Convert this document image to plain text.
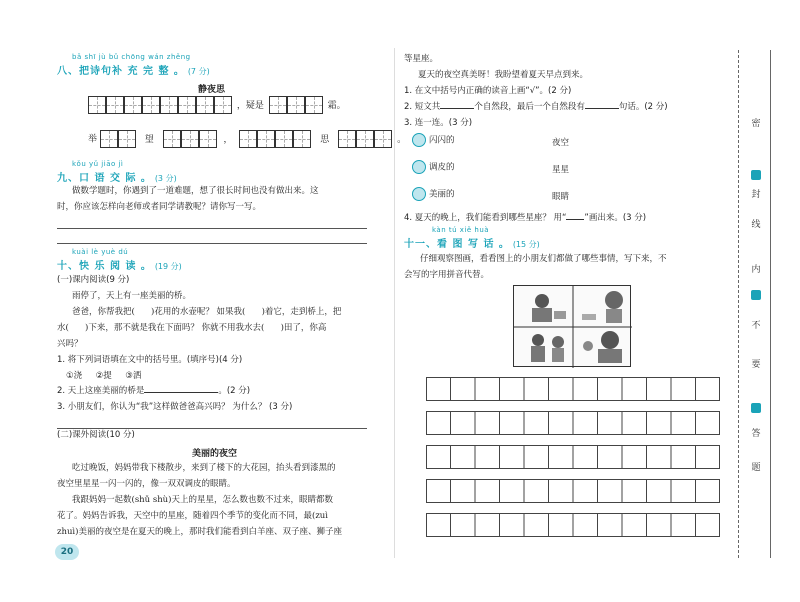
bǎ shī jù bǔ chōng wán zhěng
八、把诗句补 充 完 整 。 (7 分)
静夜思
，疑是	霜。
举	望	，	思	。
kǒu yǔ jiāo jì
九、口 语 交 际 。 (3 分)
做数学题时，你遇到了一道难题，想了很长时间也没有做出来。这
时，你应该怎样向老师或者同学请教呢？请你写一写。
kuài lè yuè dú
十、快 乐 阅 读 。 (19 分)
(一)课内阅读(9 分)
雨停了，天上有一座美丽的桥。
爸爸，你帮我把(      )花用的水壶呢？ 如果我(      )着它，走到桥上，把
水(      )下来，那不就是我在下面吗？ 你就不用我水去(      )田了，你高
兴吗？
1. 将下列词语填在文中的括号里。(填序号)(4 分)
①浇     ②提     ③洒
2. 天上这座美丽的桥是	。(2 分)
3. 小朋友们，你认为“我”这样做爸爸高兴吗？ 为什么？ (3 分)
(二)课外阅读(10 分)
美丽的夜空
吃过晚饭，妈妈带我下楼散步，来到了楼下的大花园，抬头看到漆黑的
夜空里星星一闪一闪的，像一双双调皮的眼睛。
我跟妈妈一起数(shǔ shù)天上的星星，怎么数也数不过来，眼睛都数
花了。妈妈告诉我，天空中的星座，随着四个季节的变化而不同，最(zuì
zhuì)美丽的夜空是在夏天的晚上，那时我们能看到白羊座、双子座、狮子座
20
等星座。
夏天的夜空真美呀！我盼望着夏天早点到来。
1. 在文中括号内正确的读音上画“√”。(2 分)
2. 短文共	个自然段，最后一个自然段有	句话。(2 分)
3. 连一连。(3 分)
闪闪的
调皮的
美丽的
夜空
星星
眼睛
4. 夏天的晚上，我们能看到哪些星座？ 用“ ”画出来。(3 分)
kàn tú xiě huà
十一、看 图 写 话 。 (15 分)
仔细观察图画，看看图上的小朋友们都做了哪些事情，写下来，不
会写的字用拼音代替。
密
封
线
内
不
要
答
题
